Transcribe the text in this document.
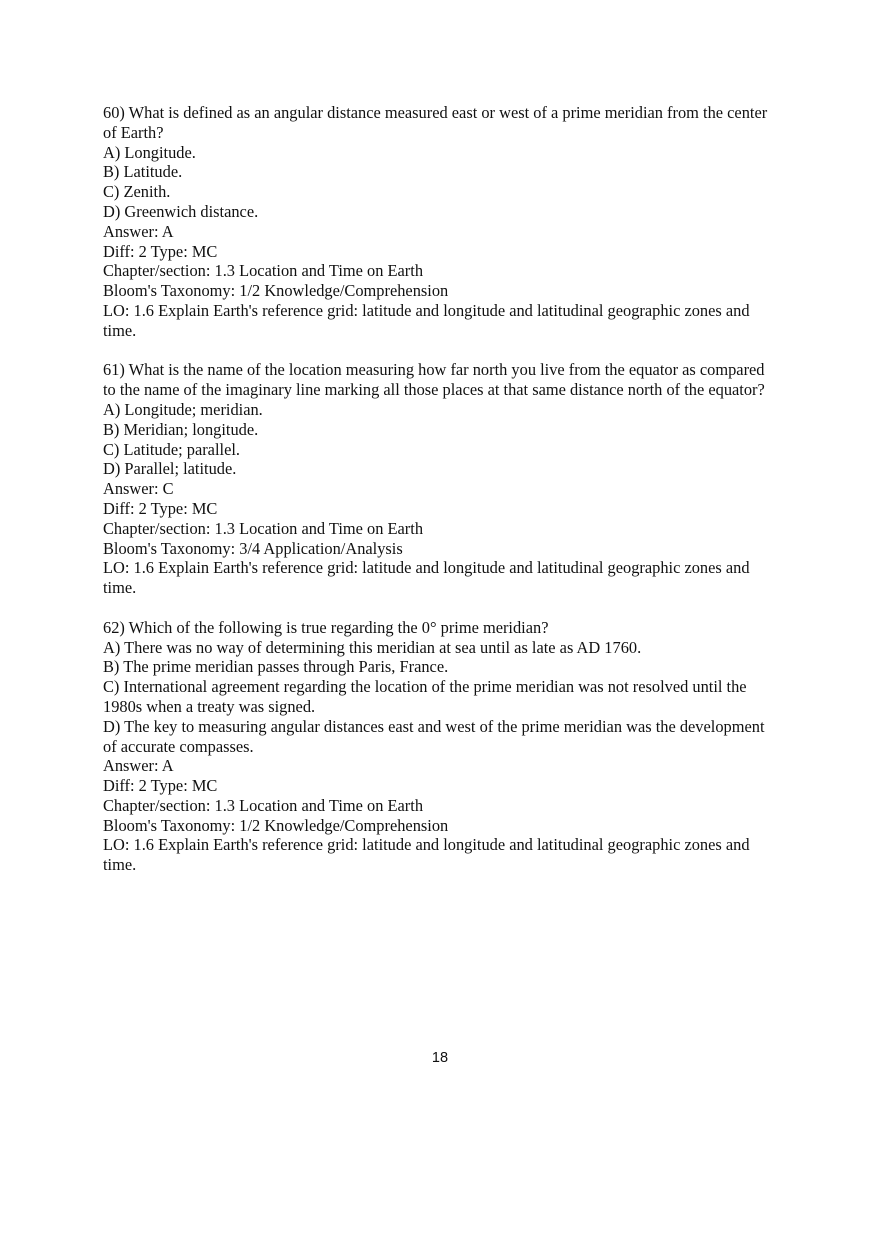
60) What is defined as an angular distance measured east or west of a prime meridian from the center of Earth?
A) Longitude.
B) Latitude.
C) Zenith.
D) Greenwich distance.
Answer: A
Diff: 2 Type: MC
Chapter/section: 1.3 Location and Time on Earth
Bloom's Taxonomy: 1/2 Knowledge/Comprehension
LO: 1.6 Explain Earth's reference grid: latitude and longitude and latitudinal geographic zones and time.
61) What is the name of the location measuring how far north you live from the equator as compared to the name of the imaginary line marking all those places at that same distance north of the equator?
A) Longitude; meridian.
B) Meridian; longitude.
C) Latitude; parallel.
D) Parallel; latitude.
Answer: C
Diff: 2 Type: MC
Chapter/section: 1.3 Location and Time on Earth
Bloom's Taxonomy: 3/4 Application/Analysis
LO: 1.6 Explain Earth's reference grid: latitude and longitude and latitudinal geographic zones and time.
62) Which of the following is true regarding the 0° prime meridian?
A) There was no way of determining this meridian at sea until as late as AD 1760.
B) The prime meridian passes through Paris, France.
C) International agreement regarding the location of the prime meridian was not resolved until the 1980s when a treaty was signed.
D) The key to measuring angular distances east and west of the prime meridian was the development of accurate compasses.
Answer: A
Diff: 2 Type: MC
Chapter/section: 1.3 Location and Time on Earth
Bloom's Taxonomy: 1/2 Knowledge/Comprehension
LO: 1.6 Explain Earth's reference grid: latitude and longitude and latitudinal geographic zones and time.
18
